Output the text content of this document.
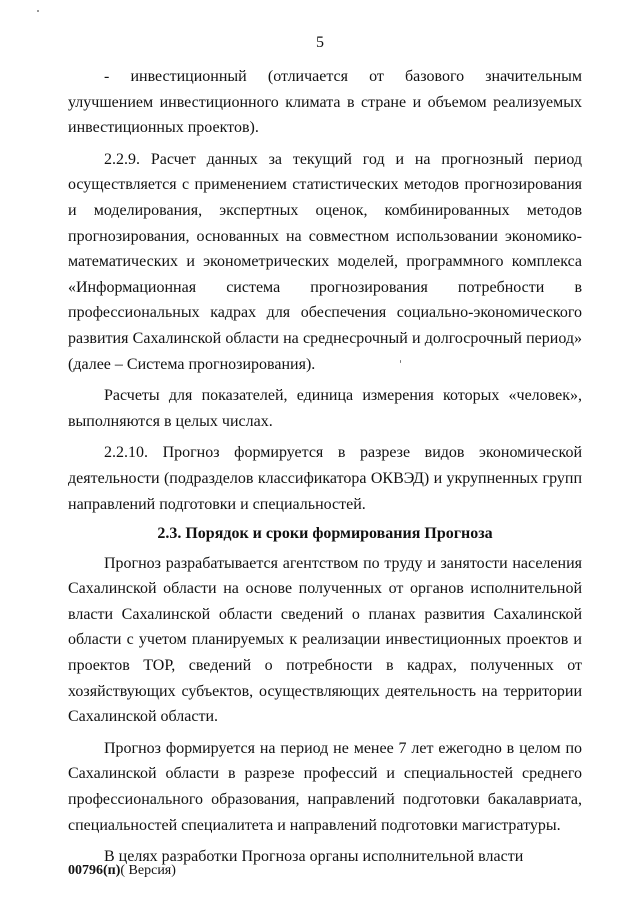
5

- инвестиционный (отличается от базового значительным улучшением инвестиционного климата в стране и объемом реализуемых инвестиционных проектов).

2.2.9. Расчет данных за текущий год и на прогнозный период осуществляется с применением статистических методов прогнозирования и моделирования, экспертных оценок, комбинированных методов прогнозирования, основанных на совместном использовании экономико-математических и эконометрических моделей, программного комплекса «Информационная система прогнозирования потребности в профессиональных кадрах для обеспечения социально-экономического развития Сахалинской области на среднесрочный и долгосрочный период» (далее – Система прогнозирования).

Расчеты для показателей, единица измерения которых «человек», выполняются в целых числах.

2.2.10. Прогноз формируется в разрезе видов экономической деятельности (подразделов классификатора ОКВЭД) и укрупненных групп направлений подготовки и специальностей.

2.3. Порядок и сроки формирования Прогноза

Прогноз разрабатывается агентством по труду и занятости населения Сахалинской области на основе полученных от органов исполнительной власти Сахалинской области сведений о планах развития Сахалинской области с учетом планируемых к реализации инвестиционных проектов и проектов ТОР, сведений о потребности в кадрах, полученных от хозяйствующих субъектов, осуществляющих деятельность на территории Сахалинской области.

Прогноз формируется на период не менее 7 лет ежегодно в целом по Сахалинской области в разрезе профессий и специальностей среднего профессионального образования, направлений подготовки бакалавриата, специальностей специалитета и направлений подготовки магистратуры.

В целях разработки Прогноза органы исполнительной власти

00796(п)( Версия)
